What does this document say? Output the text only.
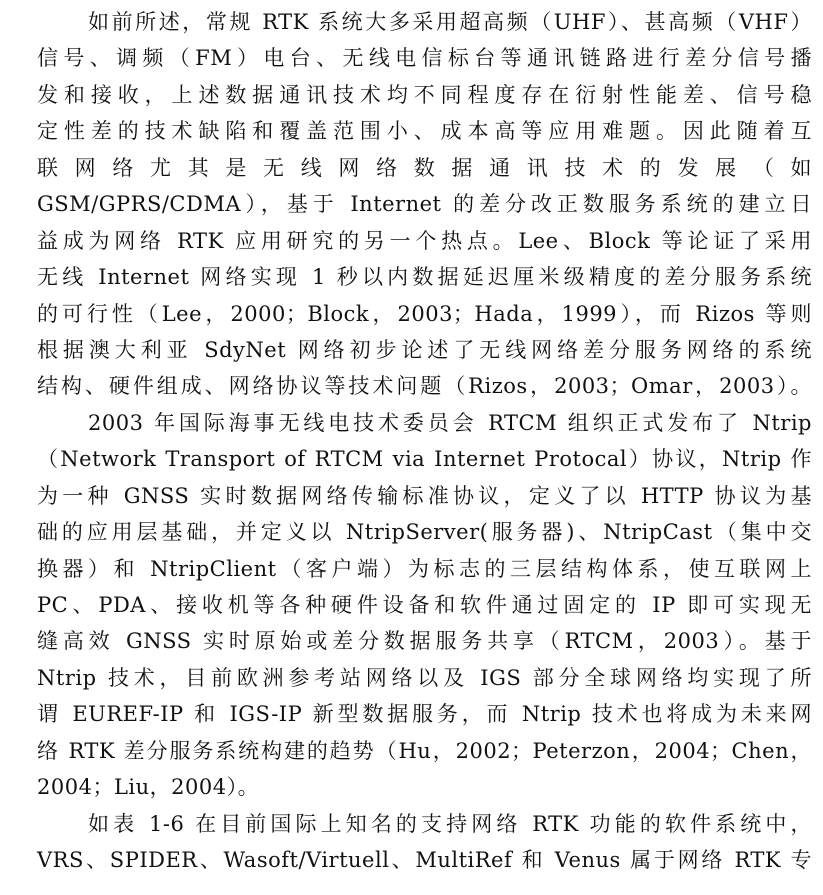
如前所述，常规 RTK 系统大多采用超高频（UHF）、甚高频（VHF）
信号、调频（FM）电台、无线电信标台等通讯链路进行差分信号播
发和接收，上述数据通讯技术均不同程度存在衍射性能差、信号稳
定性差的技术缺陷和覆盖范围小、成本高等应用难题。因此随着互
联 网 络 尤 其 是 无 线 网 络 数 据 通 讯 技 术 的 发 展 （ 如
GSM/GPRS/CDMA），基于 Internet 的差分改正数服务系统的建立日
益成为网络 RTK 应用研究的另一个热点。Lee、Block 等论证了采用
无线 Internet 网络实现 1 秒以内数据延迟厘米级精度的差分服务系统
的可行性（Lee，2000；Block，2003；Hada，1999），而 Rizos 等则
根据澳大利亚 SdyNet 网络初步论述了无线网络差分服务网络的系统
结构、硬件组成、网络协议等技术问题（Rizos，2003；Omar，2003）。
2003 年国际海事无线电技术委员会 RTCM 组织正式发布了 Ntrip
（Network Transport of RTCM via Internet Protocal）协议，Ntrip 作
为一种 GNSS 实时数据网络传输标准协议，定义了以 HTTP 协议为基
础的应用层基础，并定义以 NtripServer(服务器)、NtripCast（集中交
换器）和 NtripClient（客户端）为标志的三层结构体系，使互联网上
PC、PDA、接收机等各种硬件设备和软件通过固定的 IP 即可实现无
缝高效 GNSS 实时原始或差分数据服务共享（RTCM，2003）。基于
Ntrip 技术，目前欧洲参考站网络以及 IGS 部分全球网络均实现了所
谓 EUREF-IP 和 IGS-IP 新型数据服务，而 Ntrip 技术也将成为未来网
络 RTK 差分服务系统构建的趋势（Hu，2002；Peterzon，2004；Chen，
2004；Liu，2004）。
如表 1-6 在目前国际上知名的支持网络 RTK 功能的软件系统中，
VRS、SPIDER、Wasoft/Virtuell、MultiRef 和 Venus 属于网络 RTK 专
